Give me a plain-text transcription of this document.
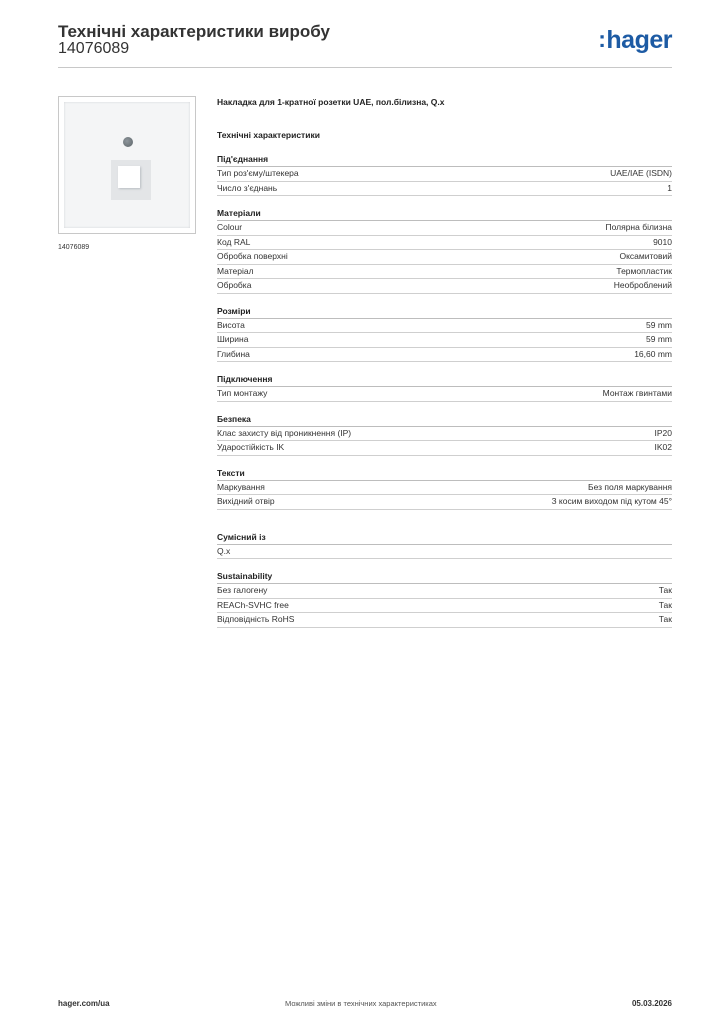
Технічні характеристики виробу
14076089	:hager
14076089
Накладка для 1-кратної розетки UAE, пол.білизна, Q.x
Технічні характеристики
Під'єднання
Тип роз'єму/штекера	UAE/IAE (ISDN)
Число з'єднань	1
Матеріали
Colour	Полярна білизна
Код RAL	9010
Обробка поверхні	Оксамитовий
Матеріал	Термопластик
Обробка	Необроблений
Розміри
Висота	59 mm
Ширина	59 mm
Глибина	16,60 mm
Підключення
Тип монтажу	Монтаж гвинтами
Безпека
Клас захисту від проникнення (IP)	IP20
Ударостійкість IK	IK02
Тексти
Маркування	Без поля маркування
Вихідний отвір	З косим виходом під кутом 45°
Сумісний із
Q.x
Sustainability
Без галогену	Так
REACh-SVHC free	Так
Відповідність RoHS	Так
hager.com/ua	Можливі зміни в технічних характеристиках	05.03.2026
